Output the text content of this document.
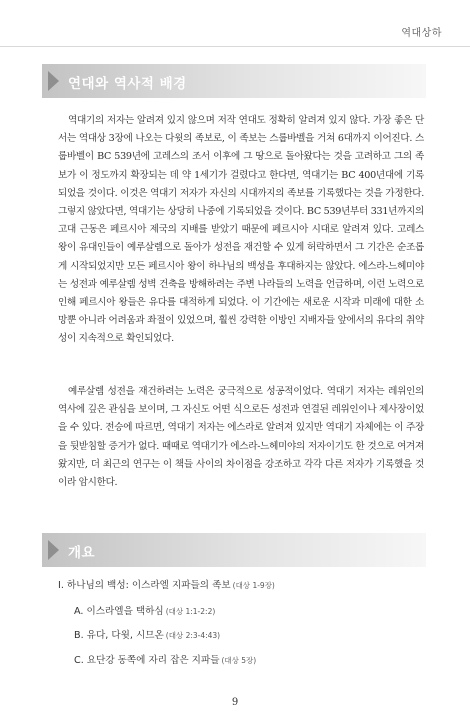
역대상하
연대와 역사적 배경

역대기의 저자는 알려져 있지 않으며 저작 연대도 정확히 알려져 있지 않다. 가장 좋은 단서는 역대상 3장에 나오는 다윗의 족보로, 이 족보는 스룹바벨을 거쳐 6대까지 이어진다. 스룹바벨이 BC 539년에 고레스의 조서 이후에 그 땅으로 돌아왔다는 것을 고려하고 그의 족보가 이 정도까지 확장되는 데 약 1세기가 걸렸다고 한다면, 역대기는 BC 400년대에 기록되었을 것이다. 이것은 역대기 저자가 자신의 시대까지의 족보를 기록했다는 것을 가정한다. 그렇지 않았다면, 역대기는 상당히 나중에 기록되었을 것이다. BC 539년부터 331년까지의 고대 근동은 페르시아 제국의 지배를 받았기 때문에 페르시아 시대로 알려져 있다. 고레스 왕이 유대인들이 예루살렘으로 돌아가 성전을 재건할 수 있게 허락하면서 그 기간은 순조롭게 시작되었지만 모든 페르시아 왕이 하나님의 백성을 후대하지는 않았다. 에스라-느헤미야는 성전과 예루살렘 성벽 건축을 방해하려는 주변 나라들의 노력을 언급하며, 이런 노력으로 인해 페르시아 왕들은 유다를 대적하게 되었다. 이 기간에는 새로운 시작과 미래에 대한 소망뿐 아니라 어려움과 좌절이 있었으며, 훨씬 강력한 이방인 지배자들 앞에서의 유다의 취약성이 지속적으로 확인되었다.

예루살렘 성전을 재건하려는 노력은 궁극적으로 성공적이었다. 역대기 저자는 레위인의 역사에 깊은 관심을 보이며, 그 자신도 어떤 식으로든 성전과 연결된 레위인이나 제사장이었을 수 있다. 전승에 따르면, 역대기 저자는 에스라로 알려져 있지만 역대기 자체에는 이 주장을 뒷받침할 증거가 없다. 때때로 역대기가 에스라-느헤미야의 저자이기도 한 것으로 여겨져 왔지만, 더 최근의 연구는 이 책들 사이의 차이점을 강조하고 각각 다른 저자가 기록했을 것이라 암시한다.

개요
I. 하나님의 백성: 이스라엘 지파들의 족보 (대상 1-9장)
A. 이스라엘을 택하심 (대상 1:1-2:2)
B. 유다, 다윗, 시므온 (대상 2:3-4:43)
C. 요단강 동쪽에 자리 잡은 지파들 (대상 5장)
9
